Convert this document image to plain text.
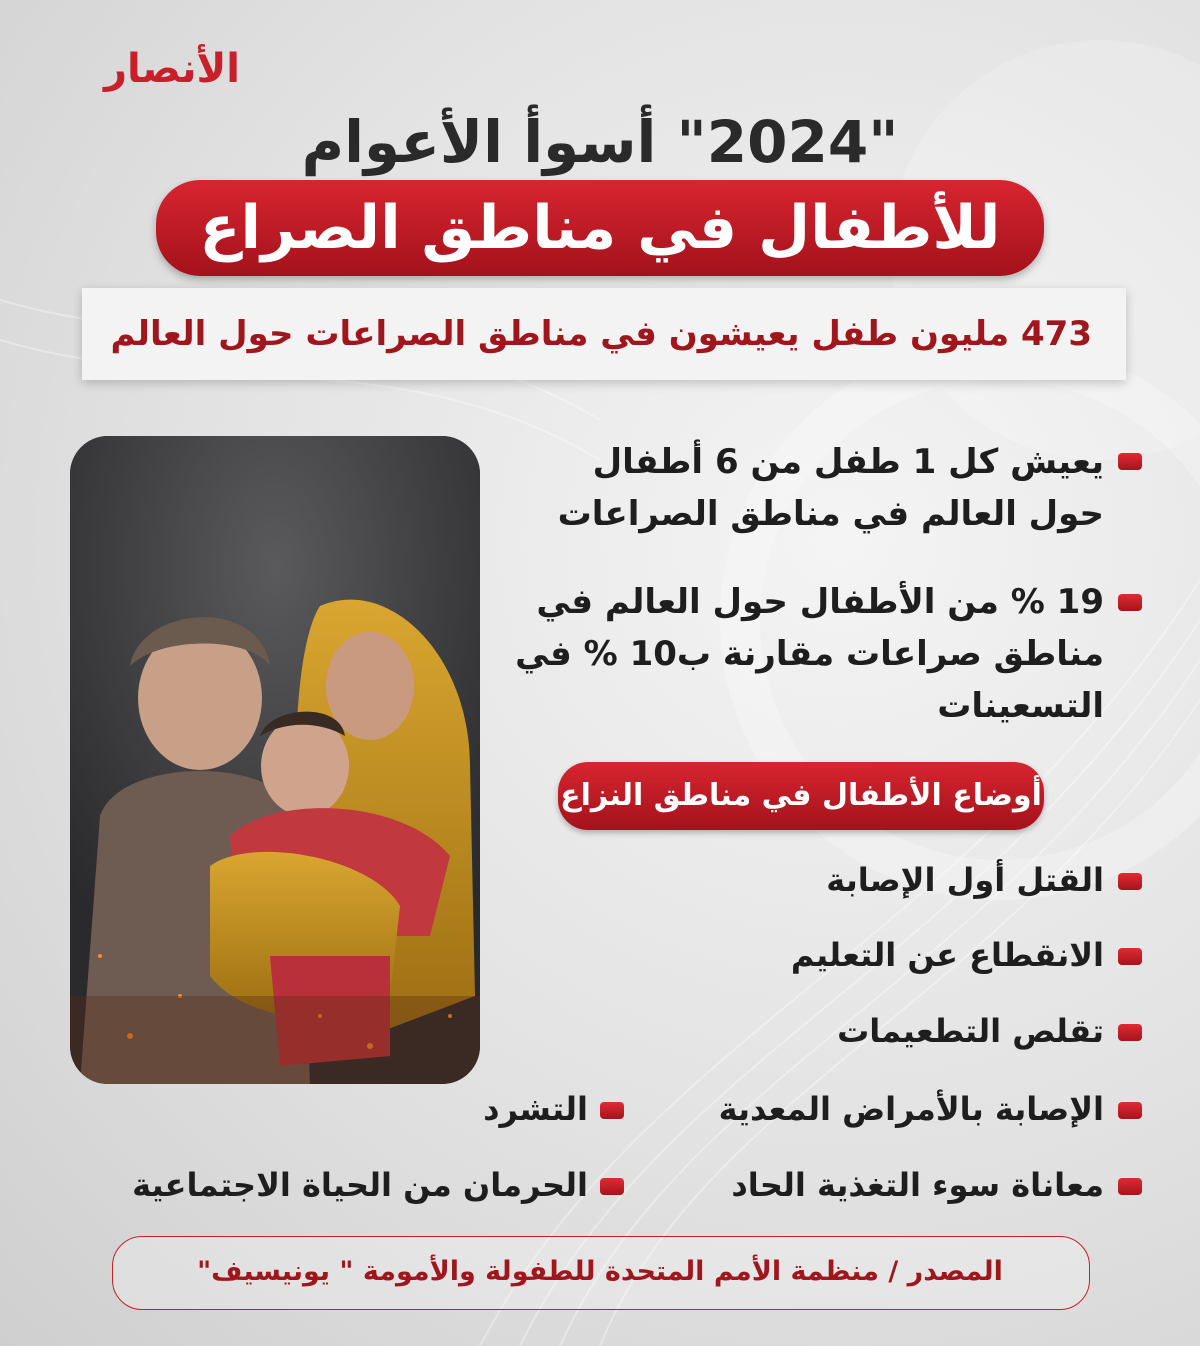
الأنصار
"2024" أسوأ الأعوام
للأطفال في مناطق الصراع
473 مليون طفل يعيشون في مناطق الصراعات حول العالم
يعيش كل 1 طفل من 6 أطفال
حول العالم في مناطق الصراعات
19 % من الأطفال حول العالم في
مناطق صراعات مقارنة ب10 % في
التسعينات
أوضاع الأطفال في مناطق النزاع
القتل أول الإصابة
الانقطاع عن التعليم
تقلص التطعيمات
الإصابة بالأمراض المعدية
معاناة سوء التغذية الحاد
التشرد
الحرمان من الحياة الاجتماعية
المصدر / منظمة الأمم المتحدة للطفولة والأمومة " يونيسيف"
